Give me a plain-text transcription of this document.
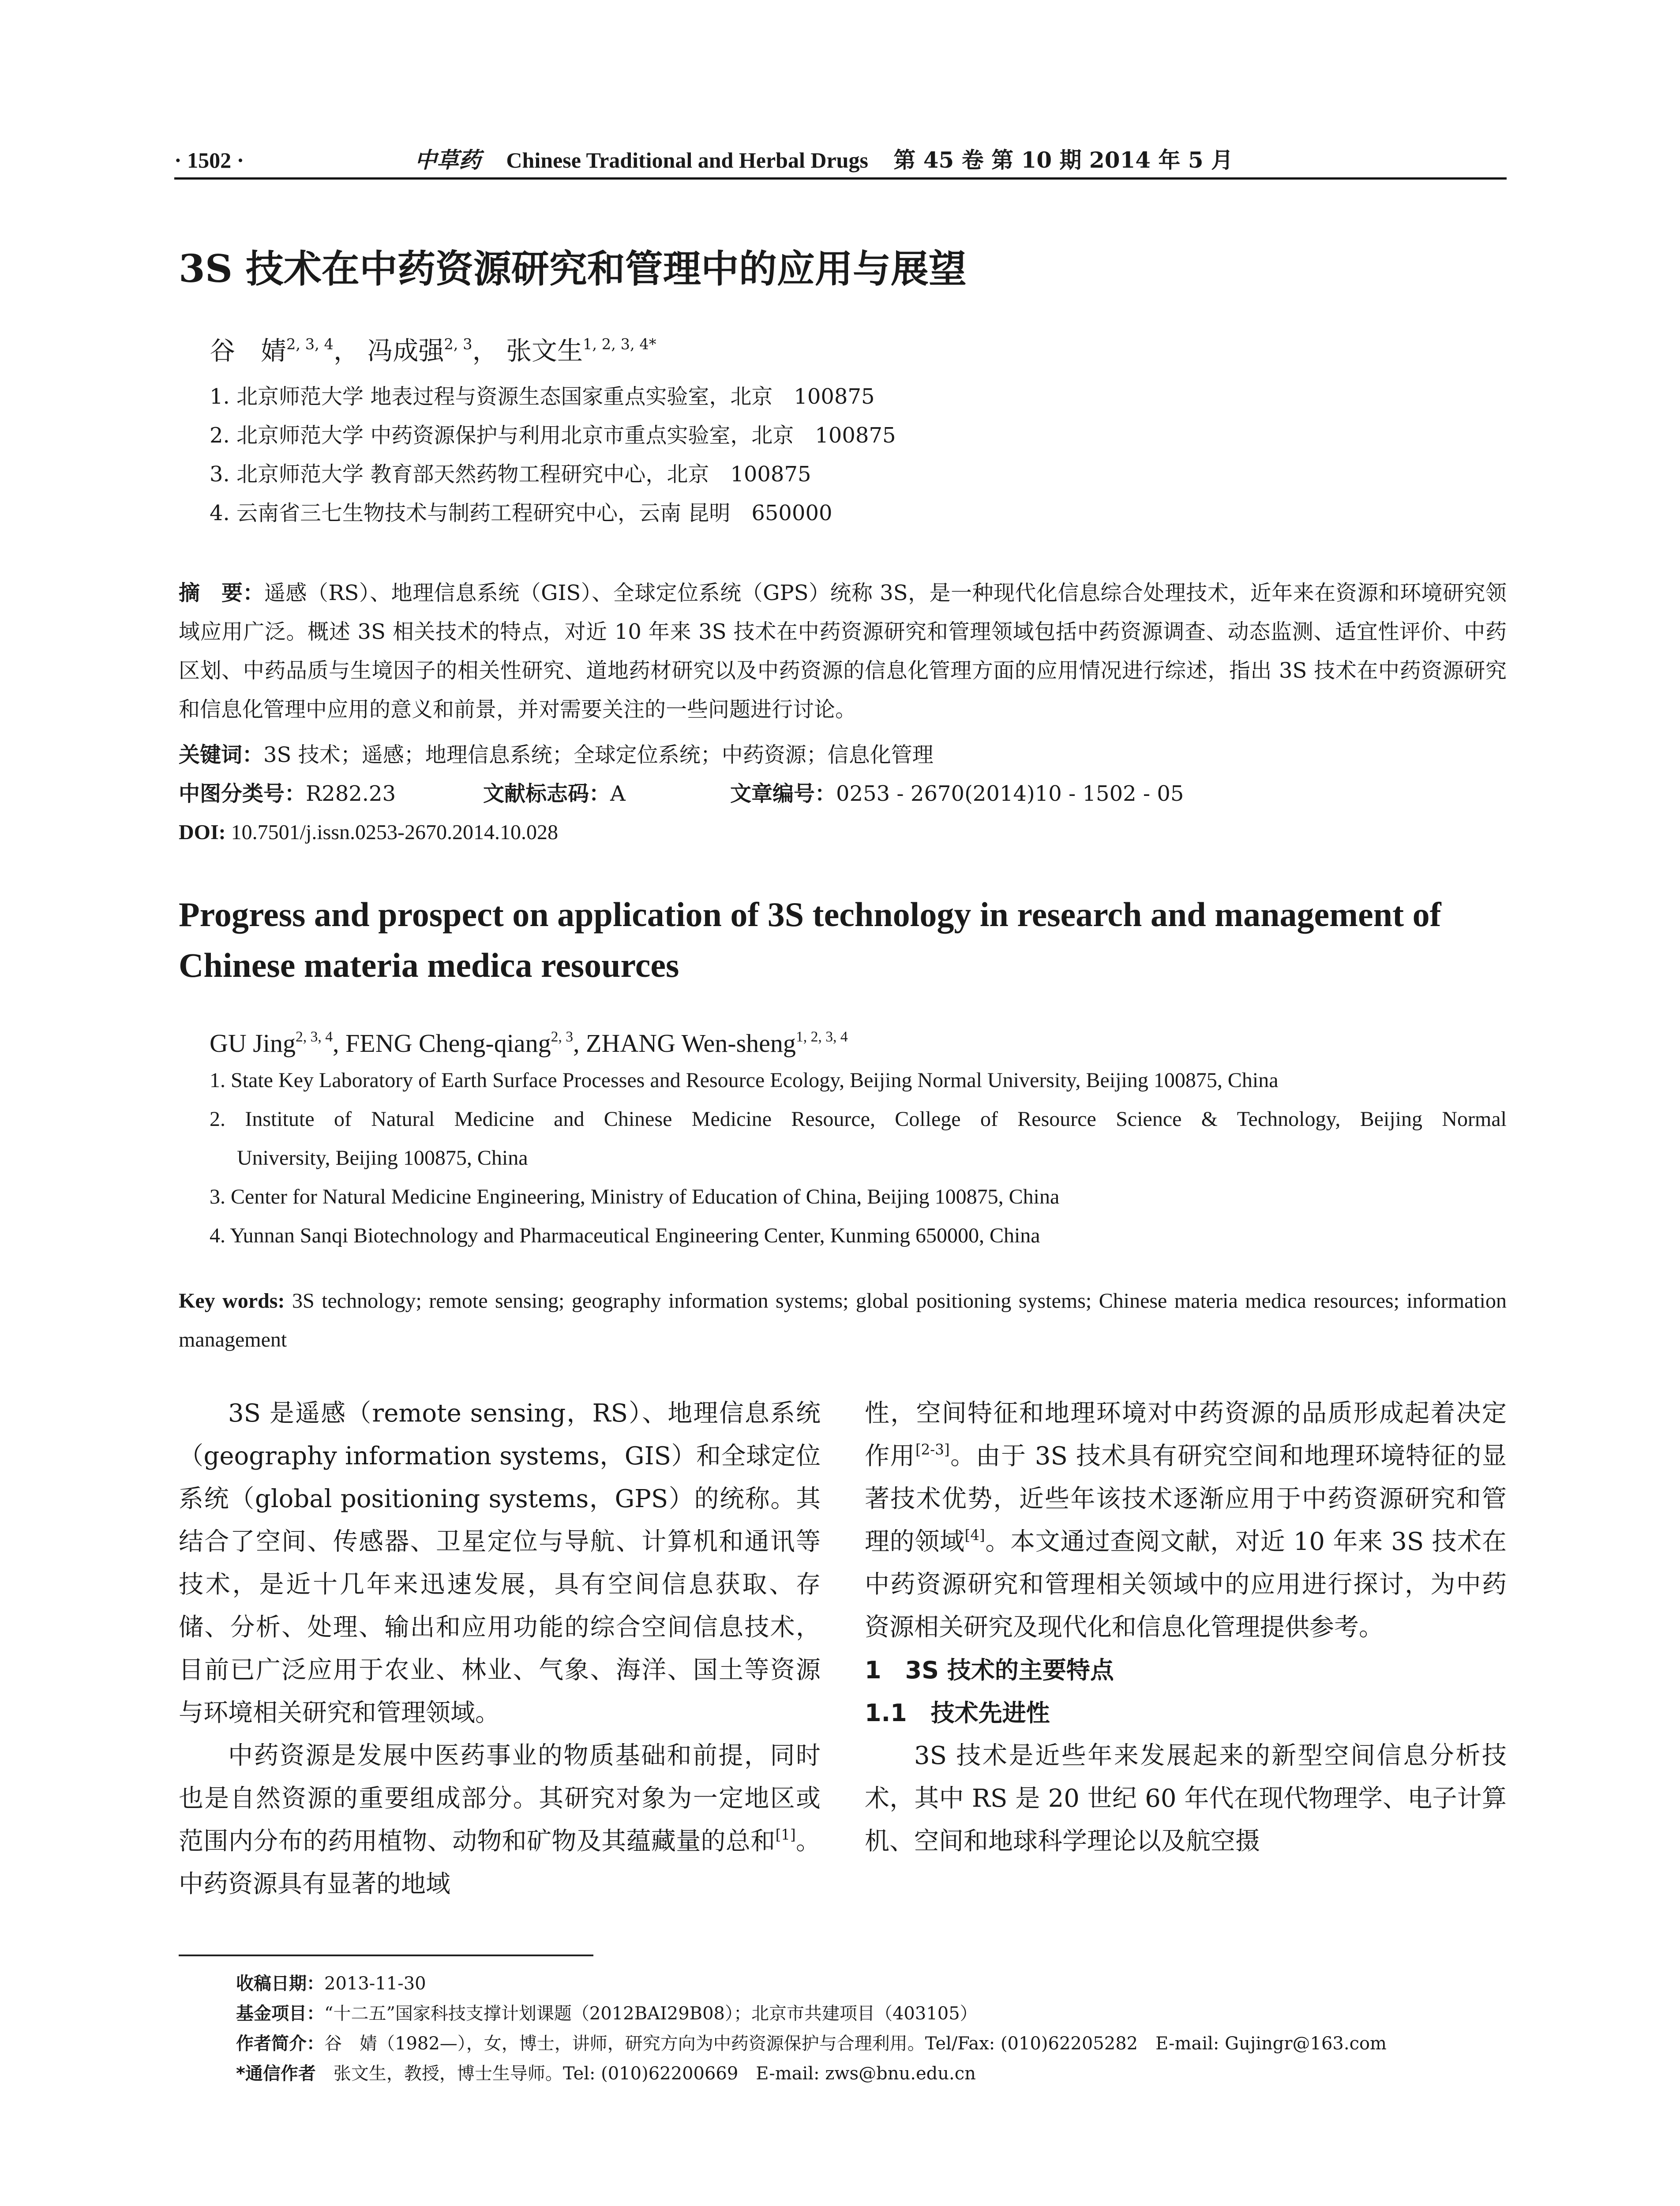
· 1502 ·	中草药 Chinese Traditional and Herbal Drugs 第 45 卷 第 10 期 2014 年 5 月
3S 技术在中药资源研究和管理中的应用与展望
谷　婧$^{2, 3, 4}$， 冯成强$^{2, 3}$， 张文生$^{1, 2, 3, 4*}$
1. 北京师范大学 地表过程与资源生态国家重点实验室，北京　100875
2. 北京师范大学 中药资源保护与利用北京市重点实验室，北京　100875
3. 北京师范大学 教育部天然药物工程研究中心，北京　100875
4. 云南省三七生物技术与制药工程研究中心，云南 昆明　650000
摘　要：遥感（RS）、地理信息系统（GIS）、全球定位系统（GPS）统称 3S，是一种现代化信息综合处理技术，近年来在资源和环境研究领域应用广泛。概述 3S 相关技术的特点，对近 10 年来 3S 技术在中药资源研究和管理领域包括中药资源调查、动态监测、适宜性评价、中药区划、中药品质与生境因子的相关性研究、道地药材研究以及中药资源的信息化管理方面的应用情况进行综述，指出 3S 技术在中药资源研究和信息化管理中应用的意义和前景，并对需要关注的一些问题进行讨论。
关键词：3S 技术；遥感；地理信息系统；全球定位系统；中药资源；信息化管理
中图分类号：R282.23	文献标志码：A	文章编号：0253 - 2670(2014)10 - 1502 - 05
DOI: 10.7501/j.issn.0253-2670.2014.10.028
Progress and prospect on application of 3S technology in research and management of Chinese materia medica resources
GU Jing$^{2, 3, 4}$, FENG Cheng-qiang$^{2, 3}$, ZHANG Wen-sheng$^{1, 2, 3, 4}$
1. State Key Laboratory of Earth Surface Processes and Resource Ecology, Beijing Normal University, Beijing 100875, China
2. Institute of Natural Medicine and Chinese Medicine Resource, College of Resource Science & Technology, Beijing Normal
University, Beijing 100875, China
3. Center for Natural Medicine Engineering, Ministry of Education of China, Beijing 100875, China
4. Yunnan Sanqi Biotechnology and Pharmaceutical Engineering Center, Kunming 650000, China
Key words: 3S technology; remote sensing; geography information systems; global positioning systems; Chinese materia medica resources; information management

3S 是遥感（remote sensing，RS）、地理信息系统（geography information systems，GIS）和全球定位系统（global positioning systems，GPS）的统称。其结合了空间、传感器、卫星定位与导航、计算机和通讯等技术，是近十几年来迅速发展，具有空间信息获取、存储、分析、处理、输出和应用功能的综合空间信息技术，目前已广泛应用于农业、林业、气象、海洋、国土等资源与环境相关研究和管理领域。

中药资源是发展中医药事业的物质基础和前提，同时也是自然资源的重要组成部分。其研究对象为一定地区或范围内分布的药用植物、动物和矿物及其蕴藏量的总和[1]。中药资源具有显著的地域

性，空间特征和地理环境对中药资源的品质形成起着决定作用[2-3]。由于 3S 技术具有研究空间和地理环境特征的显著技术优势，近些年该技术逐渐应用于中药资源研究和管理的领域[4]。本文通过查阅文献，对近 10 年来 3S 技术在中药资源研究和管理相关领域中的应用进行探讨，为中药资源相关研究及现代化和信息化管理提供参考。

1　3S 技术的主要特点
1.1　技术先进性

3S 技术是近些年来发展起来的新型空间信息分析技术，其中 RS 是 20 世纪 60 年代在现代物理学、电子计算机、空间和地球科学理论以及航空摄

收稿日期：2013-11-30
基金项目：“十二五”国家科技支撑计划课题（2012BAI29B08）；北京市共建项目（403105）
作者简介：谷　婧（1982—），女，博士，讲师，研究方向为中药资源保护与合理利用。Tel/Fax: (010)62205282　E-mail: Gujingr@163.com
*通信作者　 张文生，教授，博士生导师。Tel: (010)62200669　E-mail: zws@bnu.edu.cn
